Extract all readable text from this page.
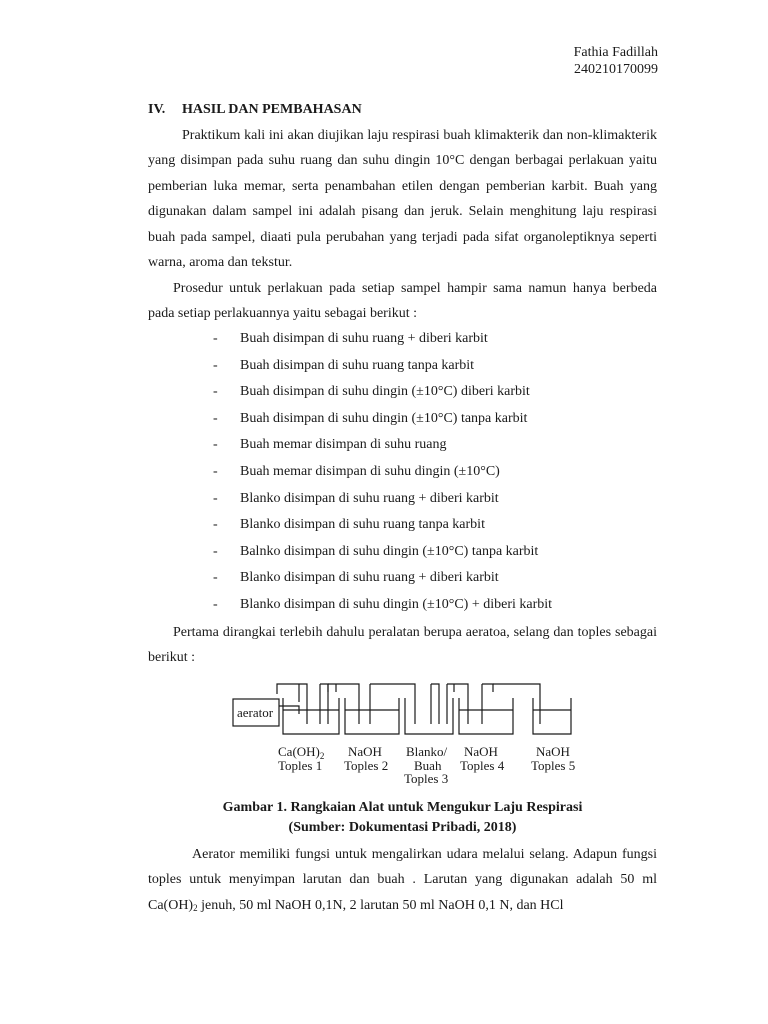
Fathia Fadillah
240210170099
IV. HASIL DAN PEMBAHASAN

Praktikum kali ini akan diujikan laju respirasi buah klimakterik dan non-klimakterik yang disimpan pada suhu ruang dan suhu dingin 10°C dengan berbagai perlakuan yaitu pemberian luka memar, serta penambahan etilen dengan pemberian karbit. Buah yang digunakan dalam sampel ini adalah pisang dan jeruk. Selain menghitung laju respirasi buah pada sampel, diaati pula perubahan yang terjadi pada sifat organoleptiknya seperti warna, aroma dan tekstur.

Prosedur untuk perlakuan pada setiap sampel hampir sama namun hanya berbeda pada setiap perlakuannya yaitu sebagai berikut :

- Buah disimpan di suhu ruang + diberi karbit
- Buah disimpan di suhu ruang tanpa karbit
- Buah disimpan di suhu dingin (±10°C) diberi karbit
- Buah disimpan di suhu dingin (±10°C) tanpa karbit
- Buah memar disimpan di suhu ruang
- Buah memar disimpan di suhu dingin (±10°C)
- Blanko disimpan di suhu ruang + diberi karbit
- Blanko disimpan di suhu ruang tanpa karbit
- Balnko disimpan di suhu dingin (±10°C) tanpa karbit
- Blanko disimpan di suhu ruang + diberi karbit
- Blanko disimpan di suhu dingin (±10°C) + diberi karbit

Pertama dirangkai terlebih dahulu peralatan berupa aeratoa, selang dan toples sebagai berikut :

aerator
$Ca(OH)_2$
Toples 1
NaOH
Toples 2
Blanko/
Buah
Toples 3
NaOH
Toples 4
NaOH
Toples 5
Gambar 1. Rangkaian Alat untuk Mengukur Laju Respirasi
(Sumber: Dokumentasi Pribadi, 2018)

Aerator memiliki fungsi untuk mengalirkan udara melalui selang. Adapun fungsi toples untuk menyimpan larutan dan buah . Larutan yang digunakan adalah 50 ml $Ca(OH)_2$ jenuh, 50 ml NaOH 0,1N, 2 larutan 50 ml NaOH 0,1 N, dan HCl
